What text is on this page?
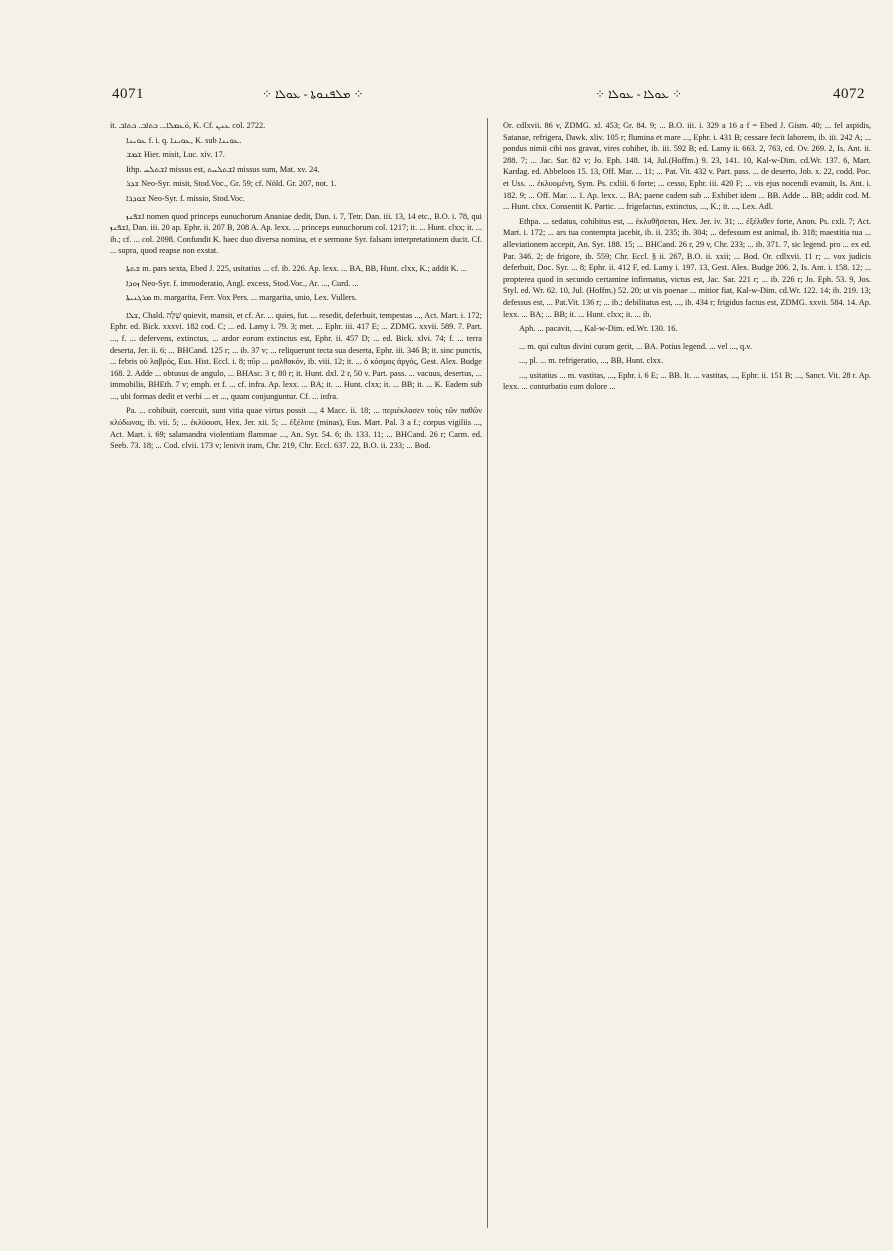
4071	⁘ ܡܠܦܢܘܬܐ - ܥܘܠܐ ⁘	⁘ ܥܘܠܐ - ܥܘܠܐ ⁘	4072

it. ܘ̈ܥܡܠܐ... ܟܬܐܒ. ܟܬܐܒ, K. Cf. ܥܢܢ col. 2722.

ܥܘܝܢܐ f. i. q. ܥܘܝܢܐ, K. sub ܥܘܝܢܐ.

ܫܡܫ Hier. misit, Luc. xiv. 17.

Ithp. ܐܫܬܠܚ missus est, ܐܫܬܠܚܬ missus sum, Mat. xv. 24.

ܫܕܪ Neo-Syr. misit, Stod.Voc., Gr. 59; cf. Nöld. Gr. 207, not. 1.

ܫܘܕܪܐ Neo-Syr. f. missio, Stod.Voc.

ܐܫܦܢܙ nomen quod princeps eunuchorum Ananiae dedit, Dan. i. 7, Tetr. Dan. iii. 13, 14 etc., B.O. i. 78, qui ܐܫܦܢܙ, Dan. iii. 20 ap. Ephr. ii. 207 B, 208 A. Ap. lexx. ... princeps eunuchorum col. 1217; it. ... Hunt. clxx; it. ... ib.; cf. ... col. 2098. Confundit K. haec duo diversa nomina, et e sermone Syr. falsam interpretationem ducit. Cf. ... supra, quod reapse non exstat.

ܫܬܬܐ m. pars sexta, Ebed J. 225, usitatius ... cf. ib. 226. Ap. lexx. ... BA, BB, Hunt. clxx, K.; addit K. ...

ܙܘܕܐ Neo-Syr. f. immoderatio, Angl. excess, Stod.Voc., Ar. ..., Curd. ...

ܡܪܓܢܝܬܐ m. margarita, Ferr. Vox Pers. ... margarita, unio, Lex. Vullers.

ܫܠܐ, Chald. שְׁלָה quievit, mansit, et cf. Ar. ... quies, fut. ... resedit, deferbuit, tempestas ..., Act. Mart. i. 172; Ephr. ed. Bick. xxxvi. 182 cod. C; ... ed. Lamy i. 79. 3; met. ... Ephr. iii. 417 E; ... ZDMG. xxvii. 589. 7. Part. ..., f. ... defervens, extinctus, ... ardor eorum extinctus est, Ephr. ii. 457 D; ... ed. Bick. xlvi. 74; f. ... terra deserta, Jer. ii. 6; ... BHCand. 125 r; ... ib. 37 v; ... reliquerunt tecta sua deserta, Ephr. iii. 346 B; it. sinc punctis, ... febris οὐ λαβρός, Eus. Hist. Eccl. i. 8; πῦρ ... μαλθακόν, ib. viii. 12; it. ... ὁ κόσμος ἀργός, Gest. Alex. Budge 168. 2. Adde ... obtusus de angulo, ... BHAsc. 3 r, 80 r; it. Hunt. dxl. 2 r, 50 v. Part. pass. ... vacuus, desertus, ... immobilis, BHEth. 7 v; emph. et f. ... cf. infra. Ap. lexx. ... BA; it. ... Hunt. clxx; it. ... BB; it. ... K. Eadem sub ..., ubi formas dedit et verbi ... et ..., quum conjunguntur. Cf. ... infra.

Pa. ... cohibuit, coercuit, sunt vitia quae virtus possit ..., 4 Macc. ii. 18; ... περιέκλασεν τοὺς τῶν παθῶν κλύδωνας, ib. vii. 5; ... ἐκλύουσι, Hex. Jer. xii. 5; ... ἐξέλιπε (minas), Eus. Mart. Pal. 3 a f.; corpus vigiliis ..., Act. Mart. i. 69; salamandra violentiam flammae ..., An. Syr. 54. 6; ib. 133. 11; ... BHCand. 26 r; Carm. ed. Seeb. 73. 18; ... Cod. clvii. 173 v; lenivit iram, Chr. 219, Chr. Eccl. 637. 22, B.O. ii. 233; ... Bod.

Or. cdlxvii. 86 v, ZDMG. xl. 453; Gr. 84. 9; ... B.O. iii. i. 329 a 16 a f = Ebed J. Gism. 40; ... fel aspidis, Satanae, refrigera, Dawk. xliv. 105 r; flumina et mare ..., Ephr. i. 431 B; cessare fecit laborem, ib. iii. 242 A; ... pondus nimii cibi nos gravat, vires cohibet, ib. iii. 592 B; ed. Lamy ii. 663. 2, 763, cd. Ov. 269. 2, Is. Ant. ii. 288. 7; ... Jac. Sar. 82 v; Jo. Eph. 148. 14, Jul.(Hoffm.) 9. 23, 141. 10, Kal-w-Dim. cd.Wr. 137. 6, Mart. Kardag. ed. Abbeloos 15. 13, Off. Mar. ... 11; ... Pat. Vit. 432 v. Part. pass. ... de deserto, Job. x. 22, codd. Poc. et Uss. ... ἐκλυομένη, Sym. Ps. cxliii. 6 forte; ... cesso, Ephr. iii. 420 F; ... vis ejus nocendi evanuit, Is. Ant. i. 182. 9; ... Off. Mar. ... 1. Ap. lexx. ... BA; paene cadem sub ... Exhibet idem ... BB. Adde ... BB; addit cod. M. ... Hunt. clxx. Consentit K. Partic. ... frigefactus, extinctus, ..., K.; it. ..., Lex. Adl.

Ethpa. ... sedatus, cohibitus est, ... ἐκλυθῆσεται, Hex. Jer. iv. 31; ... ἐξέλιθεν forte, Anon. Ps. cxli. 7; Act. Mart. i. 172; ... ars tua contempta jacebit, ib. ii. 235; ib. 304; ... defessum est animal, ib. 318; maestitia tua ... alleviationem accepit, An. Syr. 188. 15; ... BHCand. 26 r, 29 v, Chr. 233; ... ib. 371. 7, sic legend. pro ... ex ed. Par. 346. 2; de frigore, ib. 559; Chr. Eccl. § ii. 267, B.O. ii. xxii; ... Bod. Or. cdlxvii. 11 r; ... vox judicis deferbuit, Doc. Syr. ... 8; Ephr. ii. 412 F, ed. Lamy i. 197. 13, Gest. Alex. Budge 206. 2, Is. Ant. i. 158. 12; ... propterea quod in secundo certamine infirmatus, victus est, Jac. Sar. 221 r; ... ib. 226 r; Jo. Eph. 53. 9, Jos. Styl. ed. Wr. 62. 10, Jul. (Hoffm.) 52. 20; ut vis poenae ... mitior fiat, Kal-w-Dim. cd.Wr. 122. 14; ib. 219. 13; defessus est, ... Pat.Vit. 136 r; ... ib.; debilitatus est, ..., ib. 434 r; frigidus factus est, ZDMG. xxvii. 584. 14. Ap. lexx. ... BA; ... BB; it. ... Hunt. clxx; it. ... ib.

Aph. ... pacavit, ..., Kal-w-Dim. ed.Wr. 130. 16.

... m. qui cultus divini curam gerit, ... BA. Potius legend. ... vel ..., q.v.

..., pl. ... m. refrigeratio, ..., BB, Hunt. clxx.

..., usitatius ... m. vastitas, ..., Ephr. i. 6 E; ... BB. It. ... vastitas, ..., Ephr. ii. 151 B; ..., Sanct. Vit. 28 r. Ap. lexx. ... conturbatio cum dolore ...
